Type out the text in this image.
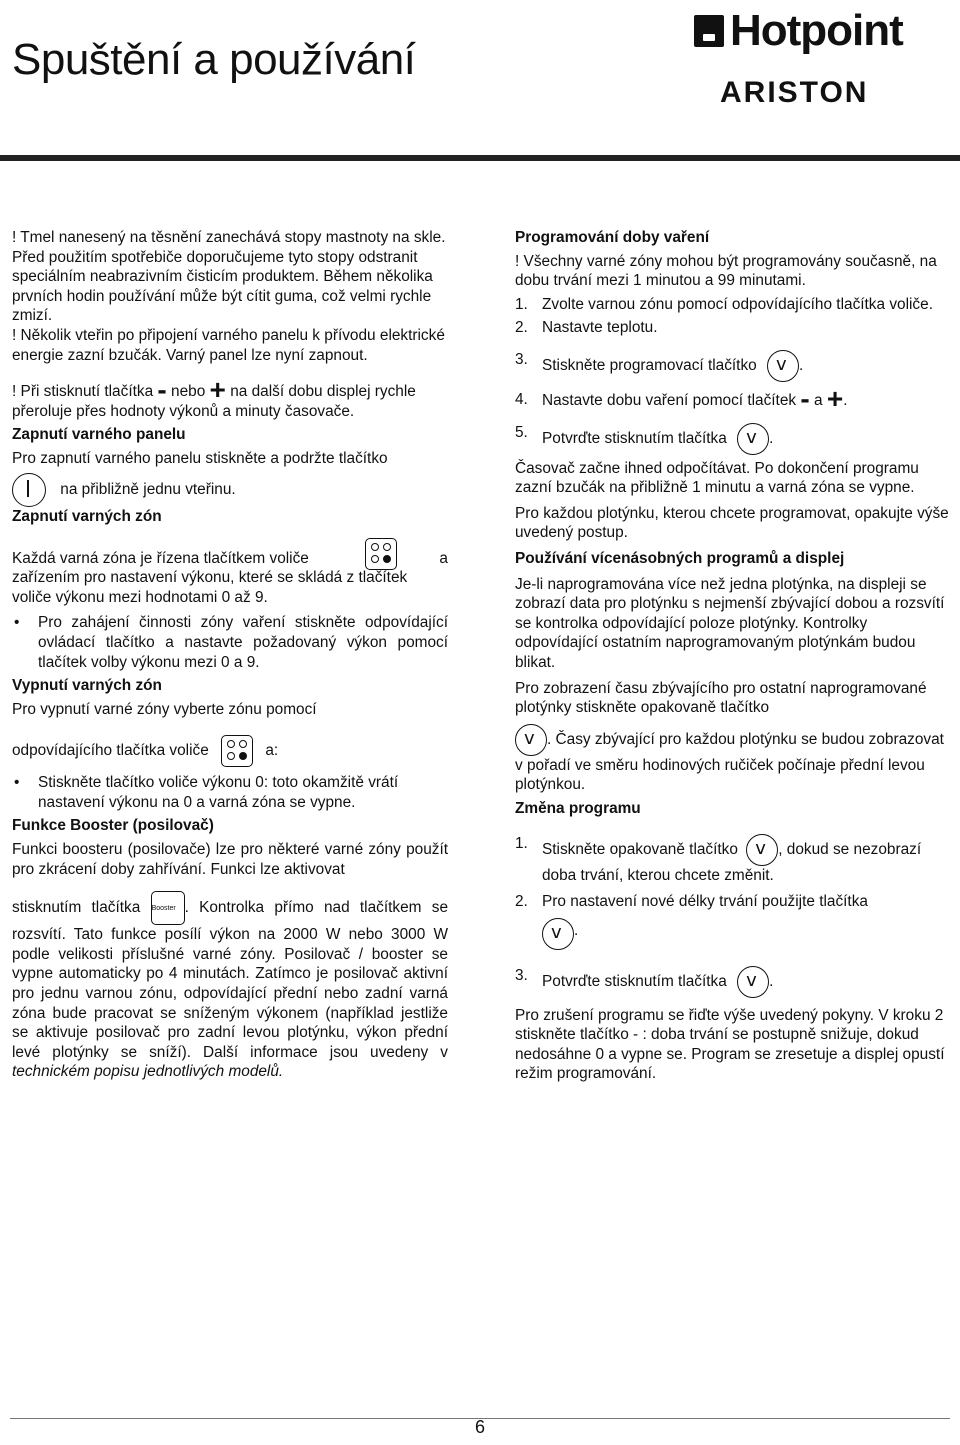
Spuštění a používání
Hotpoint
ARISTON

! Tmel nanesený na těsnění zanechává stopy mastnoty na skle. Před použitím spotřebiče doporučujeme tyto stopy odstranit speciálním neabrazivním čisticím produktem. Během několika prvních hodin používání může být cítit guma, což velmi rychle zmizí.

! Několik vteřin po připojení varného panelu k přívodu elektrické energie zazní bzučák. Varný panel lze nyní zapnout.

! Při stisknutí tlačítka - nebo + na další dobu displej rychle přeroluje přes hodnoty výkonů a minuty časovače.

Zapnutí varného panelu

Pro zapnutí varného panelu stiskněte a podržte tlačítko

na přibližně jednu vteřinu.

Zapnutí varných zón

Každá varná zóna je řízena tlačítkem voliče	a

zařízením pro nastavení výkonu, které se skládá z tlačítek voliče výkonu mezi hodnotami 0 až 9.

• Pro zahájení činnosti zóny vaření stiskněte odpovídající ovládací tlačítko a nastavte požadovaný výkon pomocí tlačítek volby výkonu mezi 0 a 9.

Vypnutí varných zón

Pro vypnutí varné zóny vyberte zónu pomocí

odpovídajícího tlačítka voliče	a:

• Stiskněte tlačítko voliče výkonu 0: toto okamžitě vrátí nastavení výkonu na 0 a varná zóna se vypne.

Funkce Booster (posilovač)

Funkci boosteru (posilovače) lze pro některé varné zóny použít pro zkrácení doby zahřívání. Funkci lze aktivovat

stisknutím tlačítka Booster . Kontrolka přímo nad tlačítkem se rozsvítí. Tato funkce posílí výkon na 2000 W nebo 3000 W podle velikosti příslušné varné zóny. Posilovač / booster se vypne automaticky po 4 minutách. Zatímco je posilovač aktivní pro jednu varnou zónu, odpovídající přední nebo zadní varná zóna bude pracovat se sníženým výkonem (například jestliže se aktivuje posilovač pro zadní levou plotýnku, výkon přední levé plotýnky se sníží). Další informace jsou uvedeny v technickém popisu jednotlivých modelů.

Programování doby vaření

! Všechny varné zóny mohou být programovány současně, na dobu trvání mezi 1 minutou a 99 minutami.

1. Zvolte varnou zónu pomocí odpovídajícího tlačítka voliče.

2. Nastavte teplotu.

3. Stiskněte programovací tlačítko v .

4. Nastavte dobu vaření pomocí tlačítek - a +.

5. Potvrďte stisknutím tlačítka v .

Časovač začne ihned odpočítávat. Po dokončení programu zazní bzučák na přibližně 1 minutu a varná zóna se vypne.

Pro každou plotýnku, kterou chcete programovat, opakujte výše uvedený postup.

Používání vícenásobných programů a displej

Je-li naprogramována více než jedna plotýnka, na displeji se zobrazí data pro plotýnku s nejmenší zbývající dobou a rozsvítí se kontrolka odpovídající poloze plotýnky. Kontrolky odpovídající ostatním naprogramovaným plotýnkám budou blikat.

Pro zobrazení času zbývajícího pro ostatní naprogramované plotýnky stiskněte opakovaně tlačítko

v . Časy zbývající pro každou plotýnku se budou zobrazovat v pořadí ve směru hodinových ručiček počínaje přední levou plotýnkou.

Změna programu

1. Stiskněte opakovaně tlačítko v , dokud se nezobrazí doba trvání, kterou chcete změnit.

2. Pro nastavení nové délky trvání použijte tlačítka

v .

3. Potvrďte stisknutím tlačítka v .

Pro zrušení programu se řiďte výše uvedený pokyny. V kroku 2 stiskněte tlačítko - : doba trvání se postupně snižuje, dokud nedosáhne 0 a vypne se. Program se zresetuje a displej opustí režim programování.

6
